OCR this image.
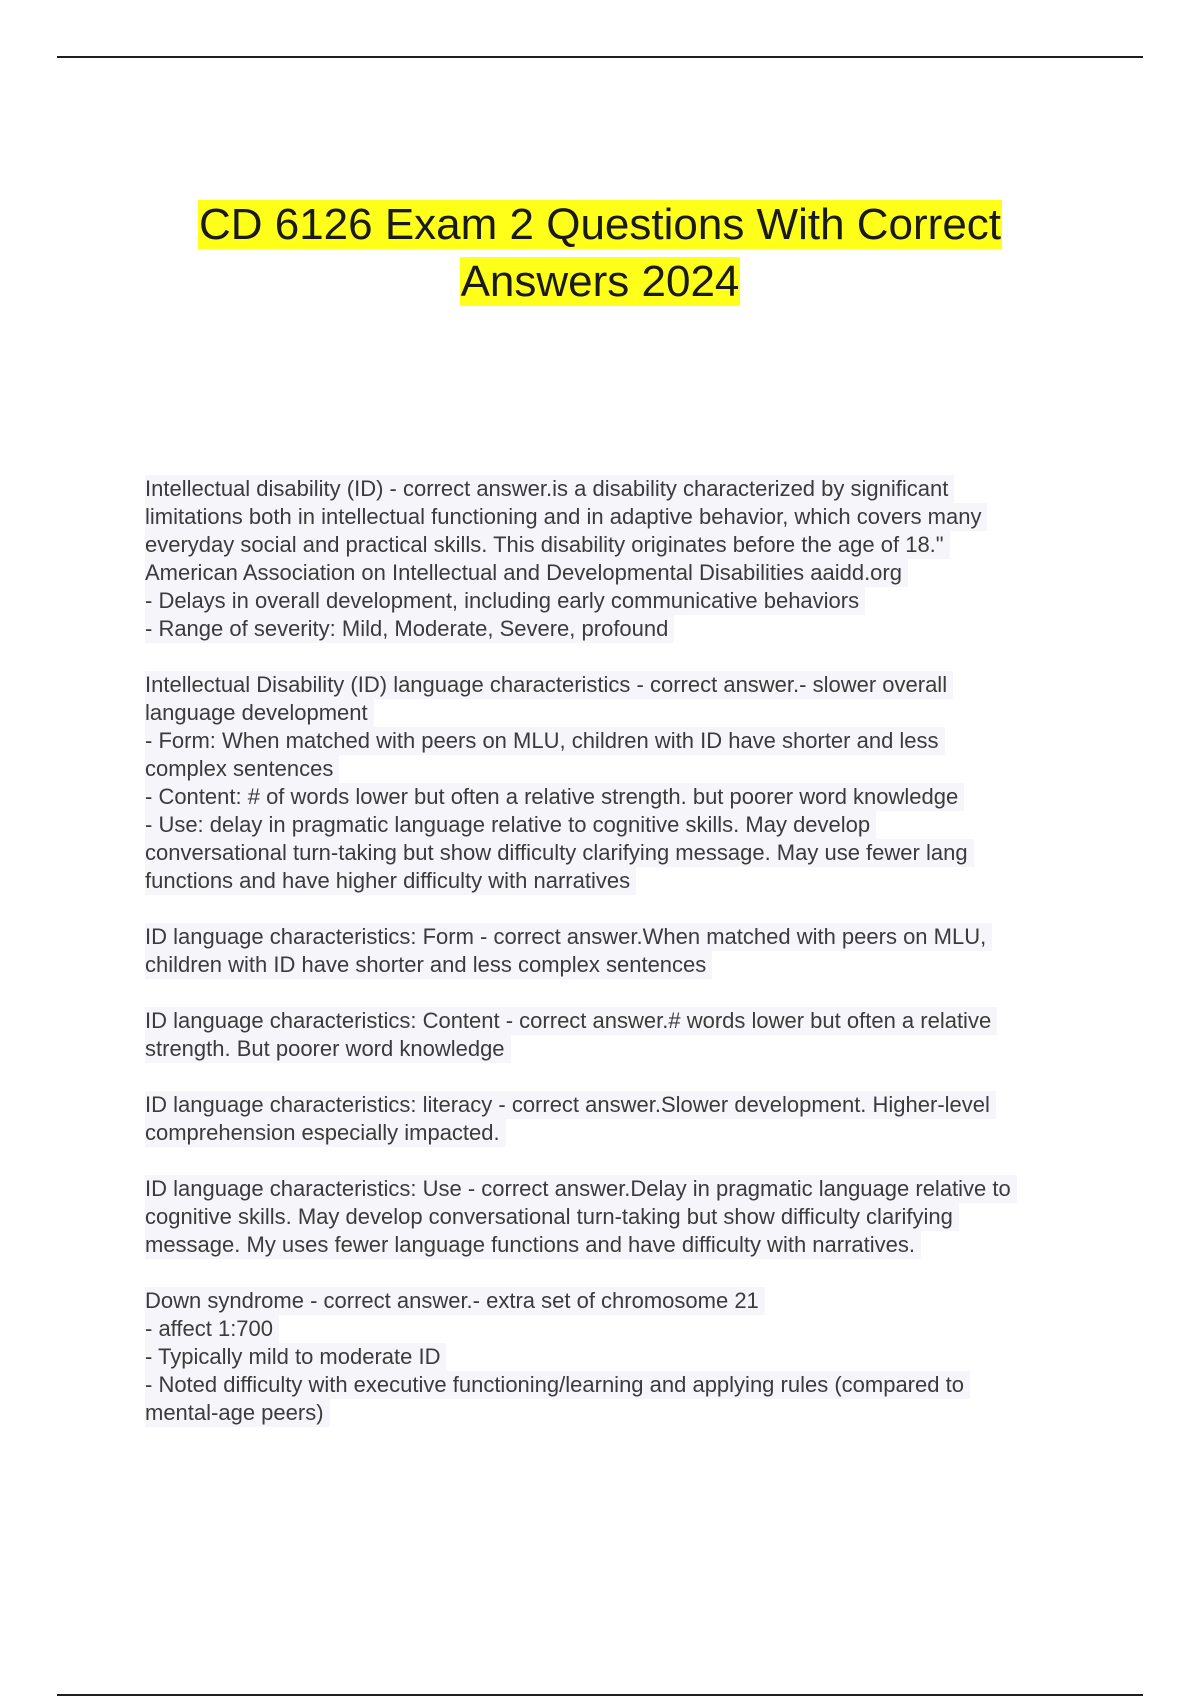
CD 6126 Exam 2 Questions With Correct
Answers 2024
Intellectual disability (ID) - correct answer.is a disability characterized by significant
limitations both in intellectual functioning and in adaptive behavior, which covers many
everyday social and practical skills. This disability originates before the age of 18."
American Association on Intellectual and Developmental Disabilities aaidd.org
- Delays in overall development, including early communicative behaviors
- Range of severity: Mild, Moderate, Severe, profound
Intellectual Disability (ID) language characteristics - correct answer.- slower overall
language development
- Form: When matched with peers on MLU, children with ID have shorter and less
complex sentences
- Content: # of words lower but often a relative strength. but poorer word knowledge
- Use: delay in pragmatic language relative to cognitive skills. May develop
conversational turn-taking but show difficulty clarifying message. May use fewer lang
functions and have higher difficulty with narratives
ID language characteristics: Form - correct answer.When matched with peers on MLU,
children with ID have shorter and less complex sentences
ID language characteristics: Content - correct answer.# words lower but often a relative
strength. But poorer word knowledge
ID language characteristics: literacy - correct answer.Slower development. Higher-level
comprehension especially impacted.
ID language characteristics: Use - correct answer.Delay in pragmatic language relative to
cognitive skills. May develop conversational turn-taking but show difficulty clarifying
message. My uses fewer language functions and have difficulty with narratives.
Down syndrome - correct answer.- extra set of chromosome 21
- affect 1:700
- Typically mild to moderate ID
- Noted difficulty with executive functioning/learning and applying rules (compared to
mental-age peers)
